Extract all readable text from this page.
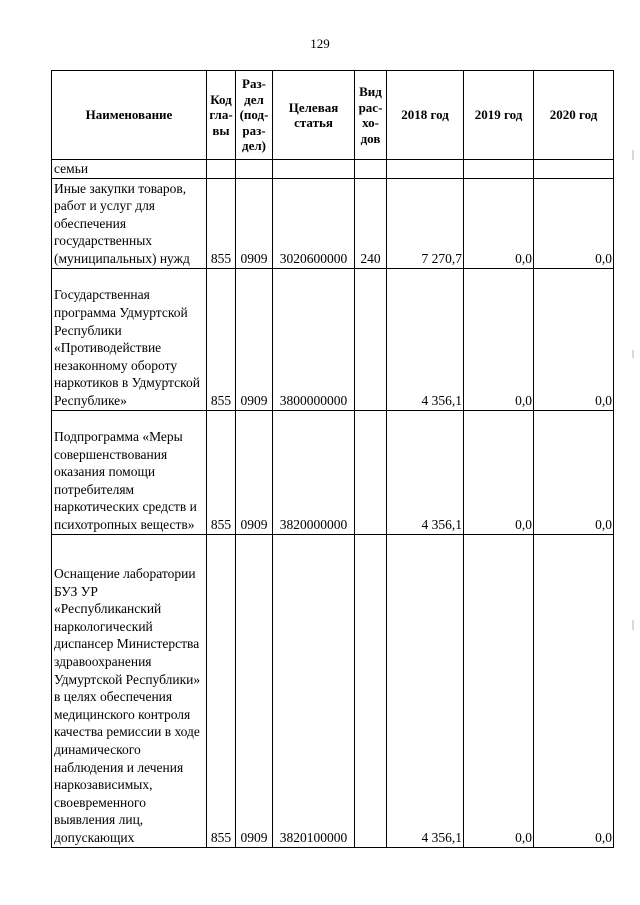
129
Наименование	Код гла-вы	Раз-дел (под-раз-дел)	Целевая статья	Вид рас-хо-дов	2018 год	2019 год	2020 год
семьи							
Иные закупки товаров, работ и услуг для обеспечения государственных (муниципальных) нужд	855	0909	3020600000	240	7 270,7	0,0	0,0
Государственная программа Удмуртской Республики «Противодействие незаконному обороту наркотиков в Удмуртской Республике»	855	0909	3800000000		4 356,1	0,0	0,0
Подпрограмма «Меры совершенствования оказания помощи потребителям наркотических средств и психотропных веществ»	855	0909	3820000000		4 356,1	0,0	0,0
Оснащение лаборатории БУЗ УР «Республиканский наркологический диспансер Министерства здравоохранения Удмуртской Республики» в целях обеспечения медицинского контроля качества ремиссии в ходе динамического наблюдения и лечения наркозависимых, своевременного выявления лиц, допускающих	855	0909	3820100000		4 356,1	0,0	0,0
